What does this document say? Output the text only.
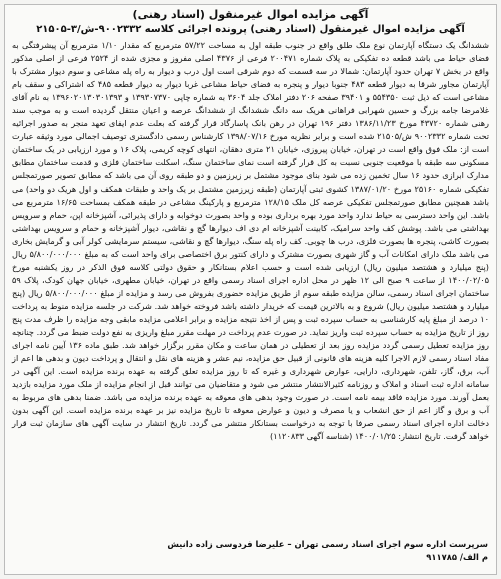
آگهی مزایده اموال غیرمنقول (اسناد رهنی)
آگهی مزایده اموال غیرمنقول (اسناد رهنی) پرونده اجرائی کلاسه ۹۰۰۲۳۳۲-ش/۳-۲۱۵۰۵
ششدانگ یک دستگاه آپارتمان نوع ملک طلق واقع در جنوب طبقه اول به مساحت ۵۷/۲۲ مترمربع که مقدار ۱/۱۰ مترمربع آن پیشرفتگی به فضای حیاط می باشد قطعه ده تفکیکی به پلاک شماره ۲۰۰۴۷۱ فرعی از ۴۳۷۶ اصلی مفروز و مجزی شده از ۲۵۲۴ فرعی از اصلی مذکور واقع در بخش ۷ تهران حدود آپارتمان: شمالا در سه قسمت که دوم شرقی است اول درب و دیوار به راه پله مشاعی و سوم دیوار مشترک با آپارتمان مجاور شرقا به دیوار قطعه ۴۸۳ جنوبا دیوار و پنجره به فضای حیاط مشاعی غربا دیوار به دیوار قطعه ۴۸۵ که اشتراکی و سقف بام مشاعی است که ذیل ثبت ۵۵۴۳۵۰ و ۳۹۴۰۱ صفحه ۲۰۶ دفتر املاک جلد ۳۶۰۴ به شماره چاپی ۱۳۹۳۰۷۳۷۰ و ۱۳۹۶۰۲۰۱۳۰۳۰۱۳۹۳ به نام آقای غلامرضا جامه بزرگ و حسین شهرابی فراهانی هریک سه دانگ ششدانگ از ششدانگ عرصه و اعیان منتقل گردیده است و به موجب سند رهنی شماره ۴۳۷۲۰ مورخ ۱۳۸۶/۱۱/۲۳ دفتر ۱۹۶ تهران در رهن بانک پاسارگاد قرار گرفته که بعلت عدم ایفای تعهد منجر به صدور اجرائیه تحت شماره ۹۰۰۲۳۳۲ ش/۲۱۵۰۵ شده است و برابر نظریه مورخ ۱۳۹۸/۰۷/۱۶ کارشناس رسمی دادگستری توصیف اجمالی مورد وثیقه عبارت است از: ملک فوق واقع است در تهران، خیابان پیروزی، خیابان ۲۱ متری دهقان، انتهای کوچه کریمی، پلاک ۱۶ و مورد ارزیابی در یک ساختمان مسکونی سه طبقه با موقعیت جنوبی نسبت به کل قرار گرفته است نمای ساختمان سنگ، اسکلت ساختمان فلزی و قدمت ساختمان مطابق مدارک ابرازی حدود ۱۶ سال تخمین زده می شود بنای موجود مشتمل بر زیرزمین و دو طبقه روی آن می باشد که مطابق تصویر صورتمجلس تفکیکی شماره ۲۵۱۶۰ مورخ ۱۳۸۷/۰۱/۲۰ کشوی ثبتی آپارتمان (طبقه زیرزمین مشتمل بر یک واحد و طبقات همکف و اول هریک دو واحد) می باشد همچنین مطابق صورتمجلس تفکیکی عرصه کل ملک ۱۲۸/۱۵ مترمربع و پارکینگ مشاعی در طبقه همکف بمساحت ۱۶/۶۵ مترمربع می باشد. این واحد دسترسی به حیاط ندارد واحد مورد بهره برداری بوده و واحد بصورت دوخوابه و دارای پذیرائی، آشپزخانه اپن، حمام و سرویس بهداشتی می باشد. پوشش کف واحد سرامیک، کابینت آشپزخانه ام دی اف دیوارها گچ و نقاشی، دیوار آشپزخانه و حمام و سرویس بهداشتی بصورت کاشی، پنجره ها بصورت فلزی، درب ها چوبی. کف راه پله سنگ، دیوارها گچ و نقاشی، سیستم سرمایشی کولر آبی و گرمایش بخاری می باشد ملک دارای امکانات آب و گاز شهری بصورت مشترک و دارای کنتور برق اختصاصی برای واحد است که به مبلغ ۵/۸۰۰/۰۰۰/۰۰۰ ریال (پنج میلیارد و هشتصد میلیون ریال) ارزیابی شده است و حسب اعلام بستانکار و حقوق دولتی کلاسه فوق الذکر در روز یکشنبه مورخ ۱۴۰۰/۰۲/۰۵ از ساعت ۹ صبح الی ۱۲ ظهر در محل اداره اجرای اسناد رسمی واقع در تهران، خیابان مطهری، خیابان جهان کودک، پلاک ۵۹ ساختمان اجرای اسناد رسمی، سالن مزایده طبقه سوم از طریق مزایده حضوری بفروش می رسد و مزایده از مبلغ ۵/۸۰۰/۰۰۰/۰۰۰ ریال (پنج میلیارد و هشتصد میلیون ریال) شروع و به بالاترین قیمت که خریدار داشته باشد فروخته خواهد شد. شرکت در جلسه مزایده منوط به پرداخت ۱۰ درصد از مبلغ پایه کارشناسی به حساب سپرده ثبت و پس از اخذ نتیجه مزایده و برابر اعلامی مزایده مابقی وجه مزایده را ظرف مدت پنج روز از تاریخ مزایده به حساب سپرده ثبت واریز نماید. در صورت عدم پرداخت در مهلت مقرر مبلغ واریزی به نفع دولت ضبط می گردد. چنانچه روز مزایده تعطیل رسمی گردد مزایده روز بعد از تعطیلی در همان ساعت و مکان مقرر برگزار خواهد شد. طبق ماده ۱۳۶ آیین نامه اجرای مفاد اسناد رسمی لازم الاجرا کلیه هزینه های قانونی از قبیل حق مزایده، نیم عشر و هزینه های نقل و انتقال و پرداخت دیون و بدهی ها اعم از آب، برق، گاز، تلفن، شهرداری، دارایی، عوارض شهرداری و غیره که تا روز مزایده تعلق گرفته به عهده برنده مزایده است. این آگهی در سامانه اداره ثبت اسناد و املاک و روزنامه کثیرالانتشار منتشر می شود و متقاضیان می توانند قبل از انجام مزایده از ملک مورد مزایده بازدید بعمل آورند. مورد مزایده فاقد بیمه نامه است. در صورت وجود بدهی های معوقه به عهده برنده مزایده می باشد. ضمنا بدهی های مربوط به آب و برق و گاز اعم از حق انشعاب و یا مصرف و دیون و عوارض معوقه تا تاریخ مزایده نیز بر عهده برنده مزایده است. این آگهی بدون دخالت اداره اجرای اسناد رسمی صرفا با توجه به درخواست بستانکار منتشر می گردد. تاریخ انتشار در سایت آگهی های سازمان ثبت قرار خواهد گرفت. تاریخ انتشار: ۱۴۰۰/۰۱/۲۵ (شناسه آگهی ۱۱۲۰۸۳۳)
سرپرست اداره سوم اجرای اسناد رسمی تهران – علیرضا فردوسی زاده دانیش
م الف/ ۹۱۱۷۸۵
